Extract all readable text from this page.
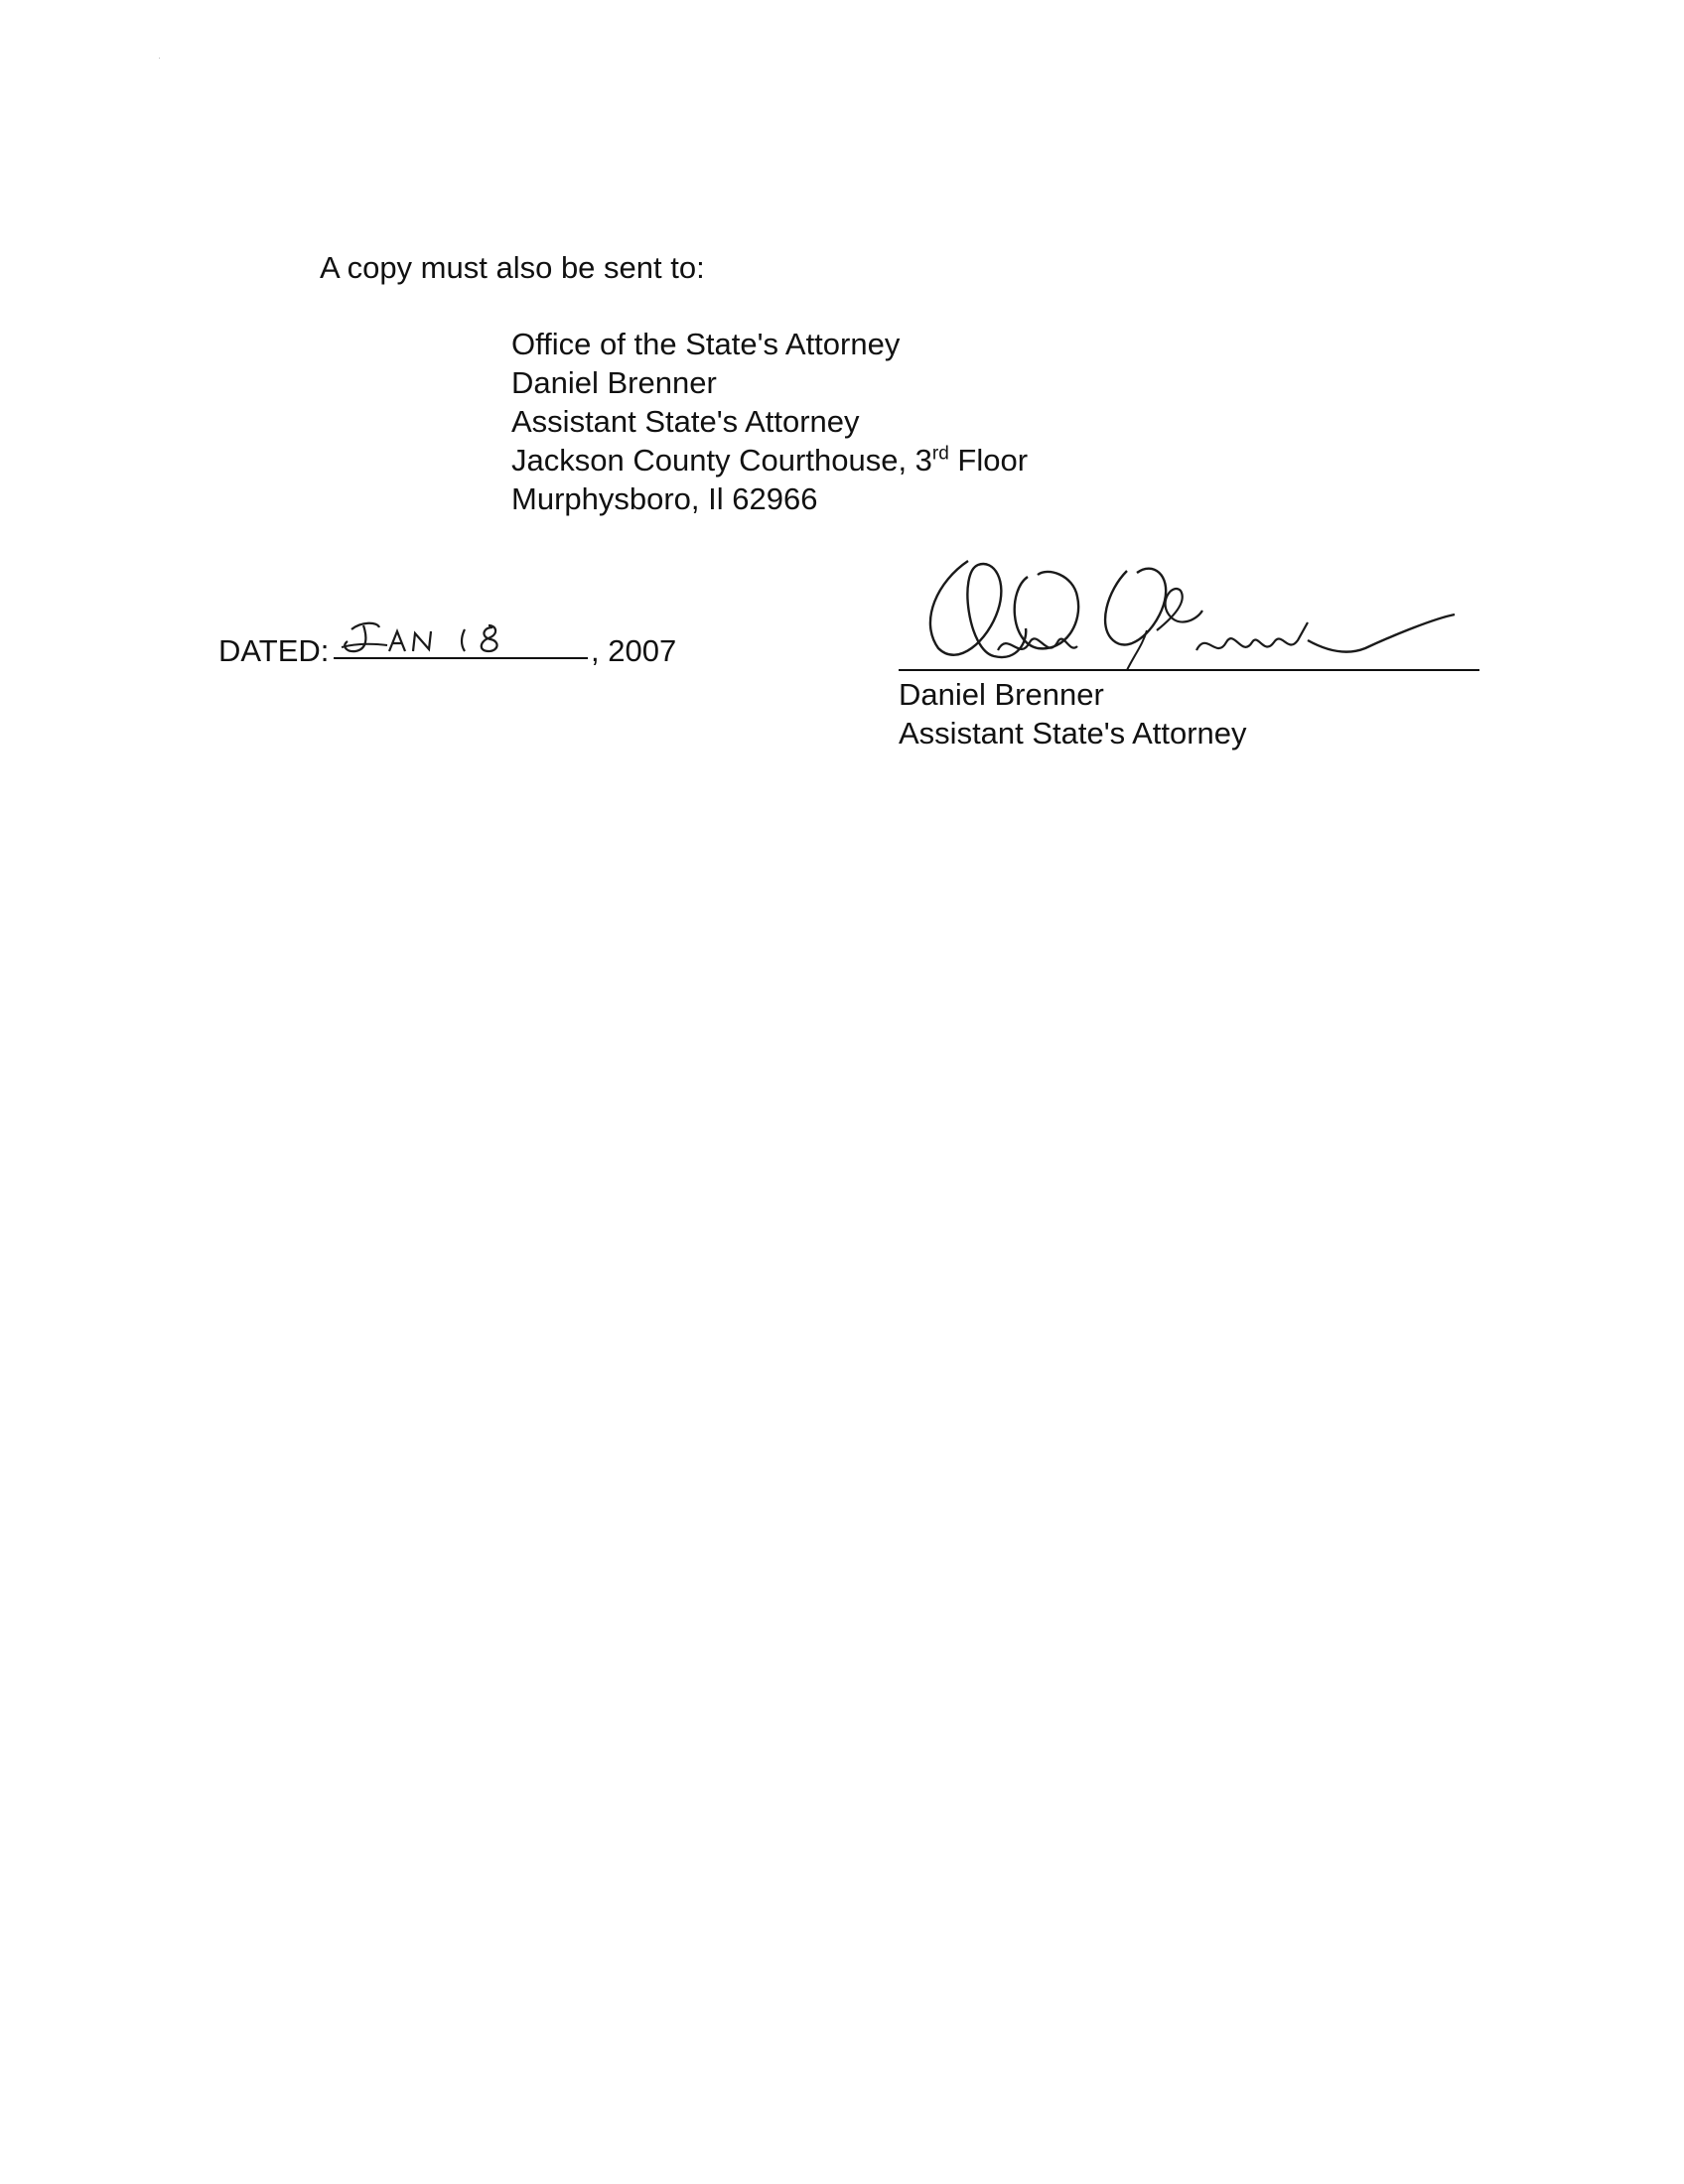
A copy must also be sent to:
Office of the State's Attorney
Daniel Brenner
Assistant State's Attorney
Jackson County Courthouse, 3rd Floor
Murphysboro, Il 62966
DATED:	, 2007
Daniel Brenner
Assistant State's Attorney
